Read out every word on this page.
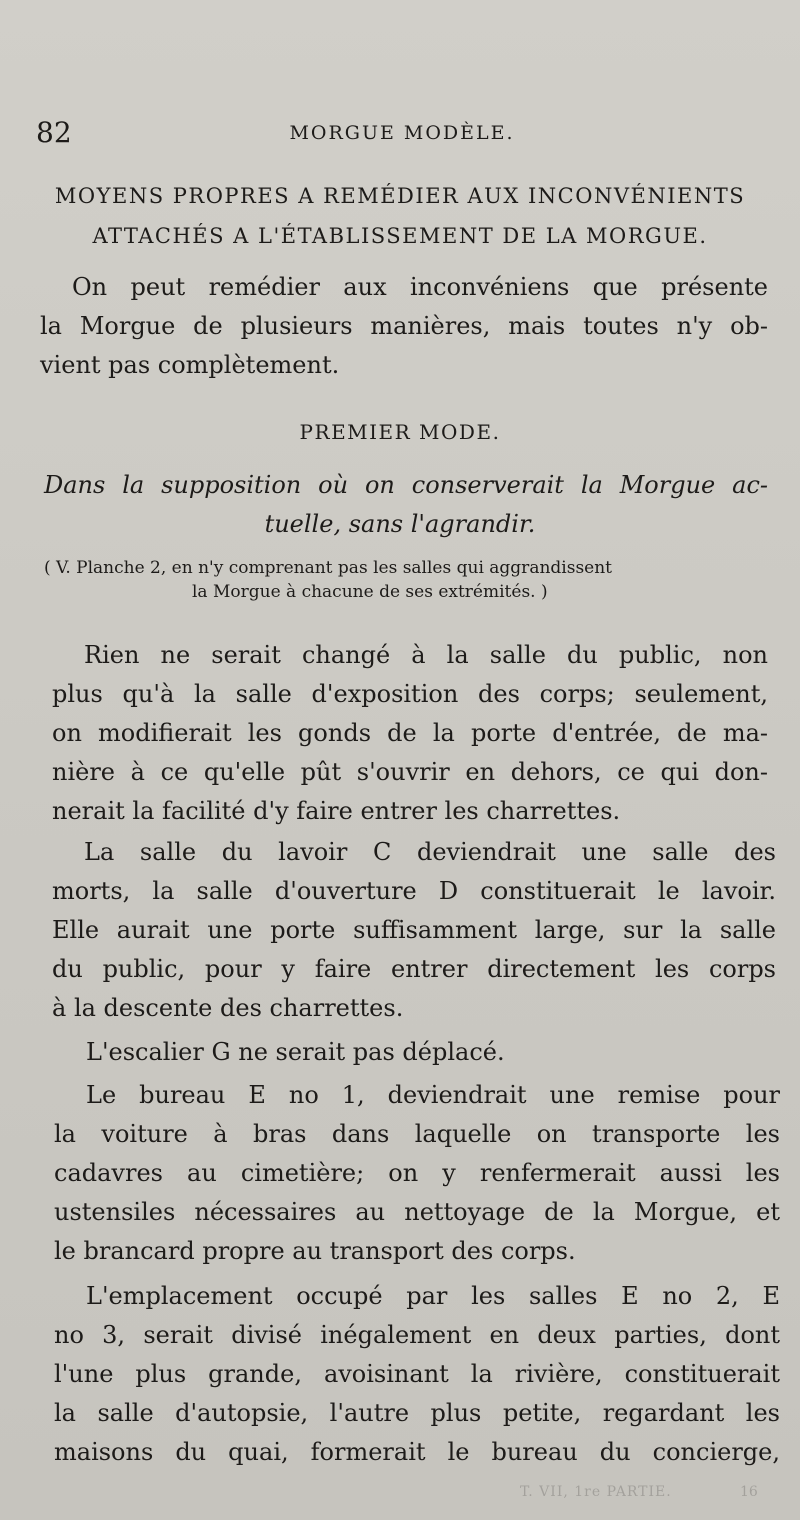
82	MORGUE MODÈLE.
MOYENS PROPRES A REMÉDIER AUX INCONVÉNIENTS
ATTACHÉS A L'ÉTABLISSEMENT DE LA MORGUE.
On peut remédier aux inconvéniens que présente
la Morgue de plusieurs manières, mais toutes n'y ob-
vient pas complètement.
PREMIER MODE.
Dans la supposition où on conserverait la Morgue ac-
tuelle, sans l'agrandir.
( V. Planche 2, en n'y comprenant pas les salles qui aggrandissent
la Morgue à chacune de ses extrémités. )
Rien ne serait changé à la salle du public, non
plus qu'à la salle d'exposition des corps; seulement,
on modifierait les gonds de la porte d'entrée, de ma-
nière à ce qu'elle pût s'ouvrir en dehors, ce qui don-
nerait la facilité d'y faire entrer les charrettes.
La salle du lavoir C deviendrait une salle des
morts, la salle d'ouverture D constituerait le lavoir.
Elle aurait une porte suffisamment large, sur la salle
du public, pour y faire entrer directement les corps
à la descente des charrettes.
L'escalier G ne serait pas déplacé.
Le bureau E no 1, deviendrait une remise pour
la voiture à bras dans laquelle on transporte les
cadavres au cimetière; on y renfermerait aussi les
ustensiles nécessaires au nettoyage de la Morgue, et
le brancard propre au transport des corps.
L'emplacement occupé par les salles E no 2, E
no 3, serait divisé inégalement en deux parties, dont
l'une plus grande, avoisinant la rivière, constituerait
la salle d'autopsie, l'autre plus petite, regardant les
maisons du quai, formerait le bureau du concierge,
T. VII, 1re PARTIE.	16
